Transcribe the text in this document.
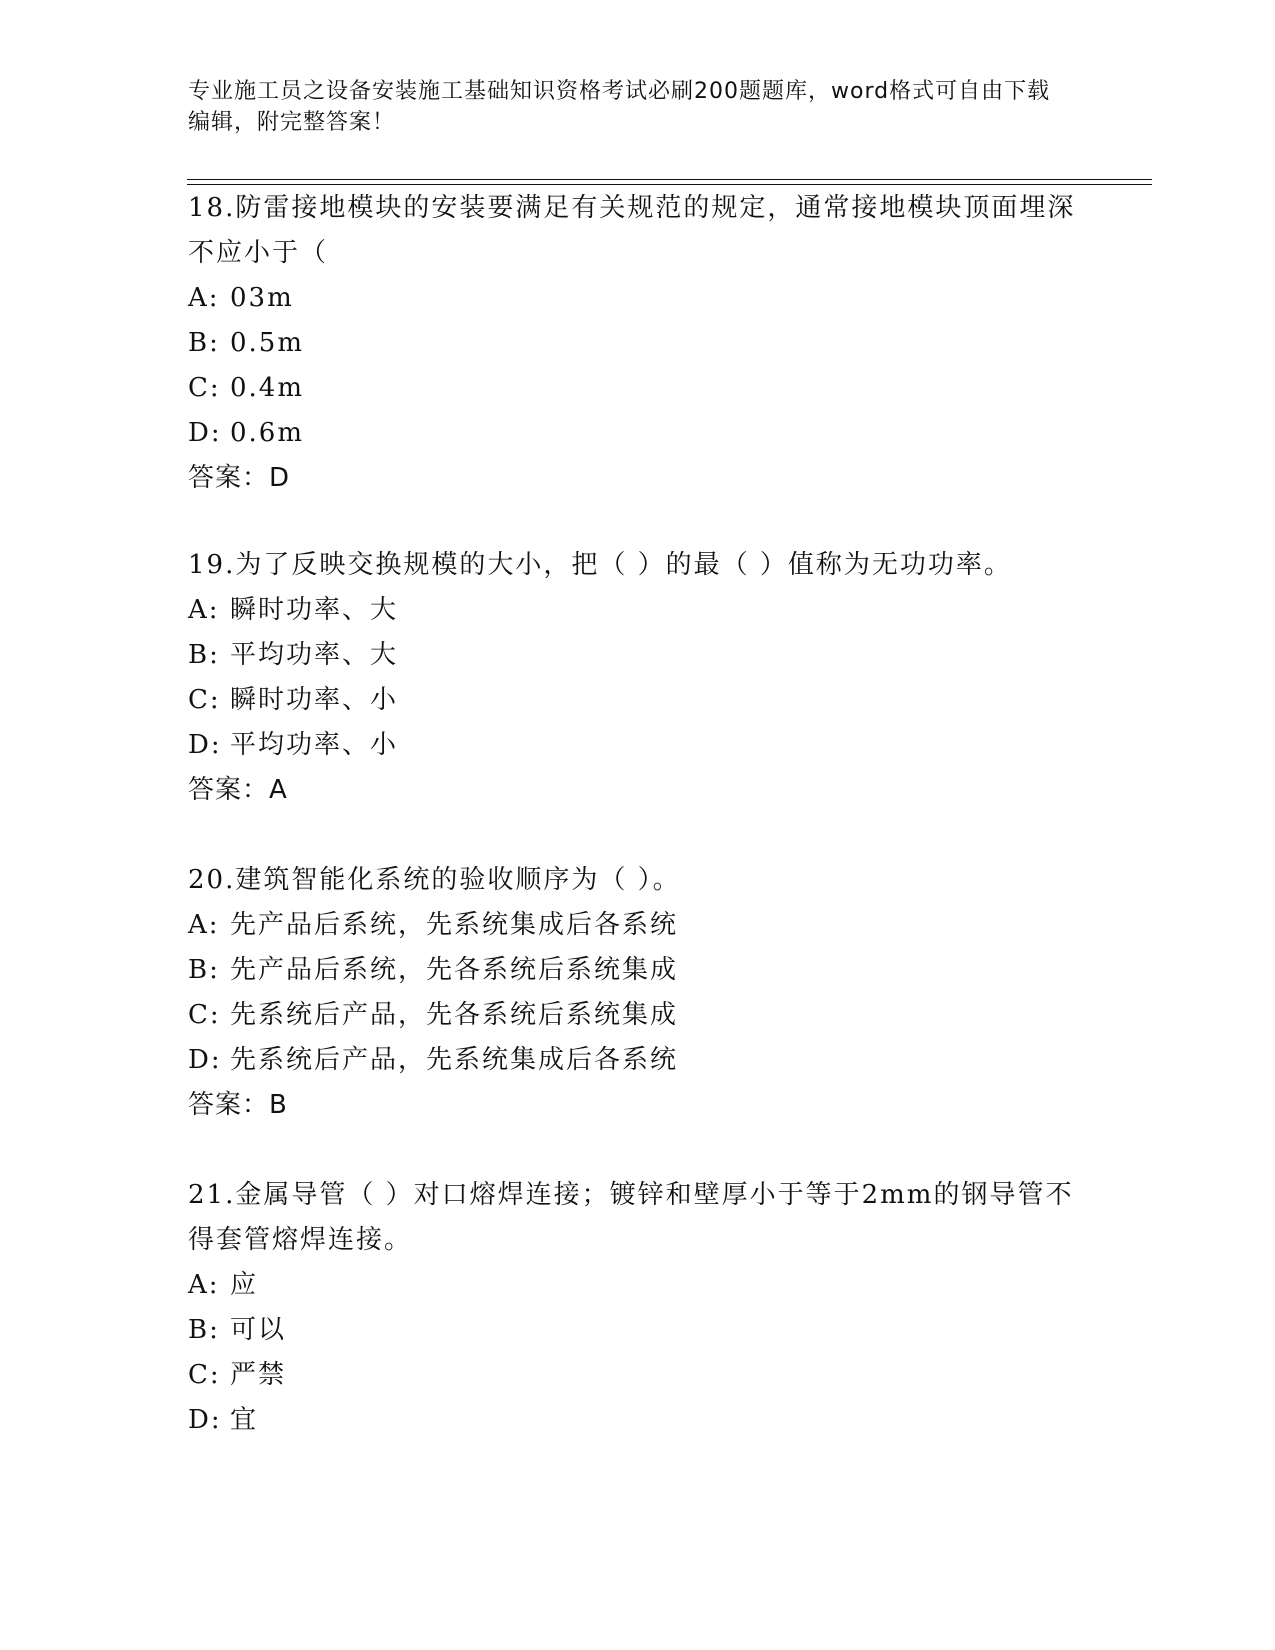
专业施工员之设备安装施工基础知识资格考试必刷200题题库，word格式可自由下载编辑，附完整答案！

18.防雷接地模块的安装要满足有关规范的规定，通常接地模块顶面埋深不应小于（

A: 03m
B: 0.5m
C: 0.4m
D: 0.6m
答案：D

19.为了反映交换规模的大小，把（ ）的最（ ）值称为无功功率。

A: 瞬时功率、大
B: 平均功率、大
C: 瞬时功率、小
D: 平均功率、小
答案：A

20.建筑智能化系统的验收顺序为（ ）。

A: 先产品后系统，先系统集成后各系统
B: 先产品后系统，先各系统后系统集成
C: 先系统后产品，先各系统后系统集成
D: 先系统后产品，先系统集成后各系统
答案：B

21.金属导管（ ）对口熔焊连接；镀锌和壁厚小于等于2mm的钢导管不得套管熔焊连接。

A: 应
B: 可以
C: 严禁
D: 宜
